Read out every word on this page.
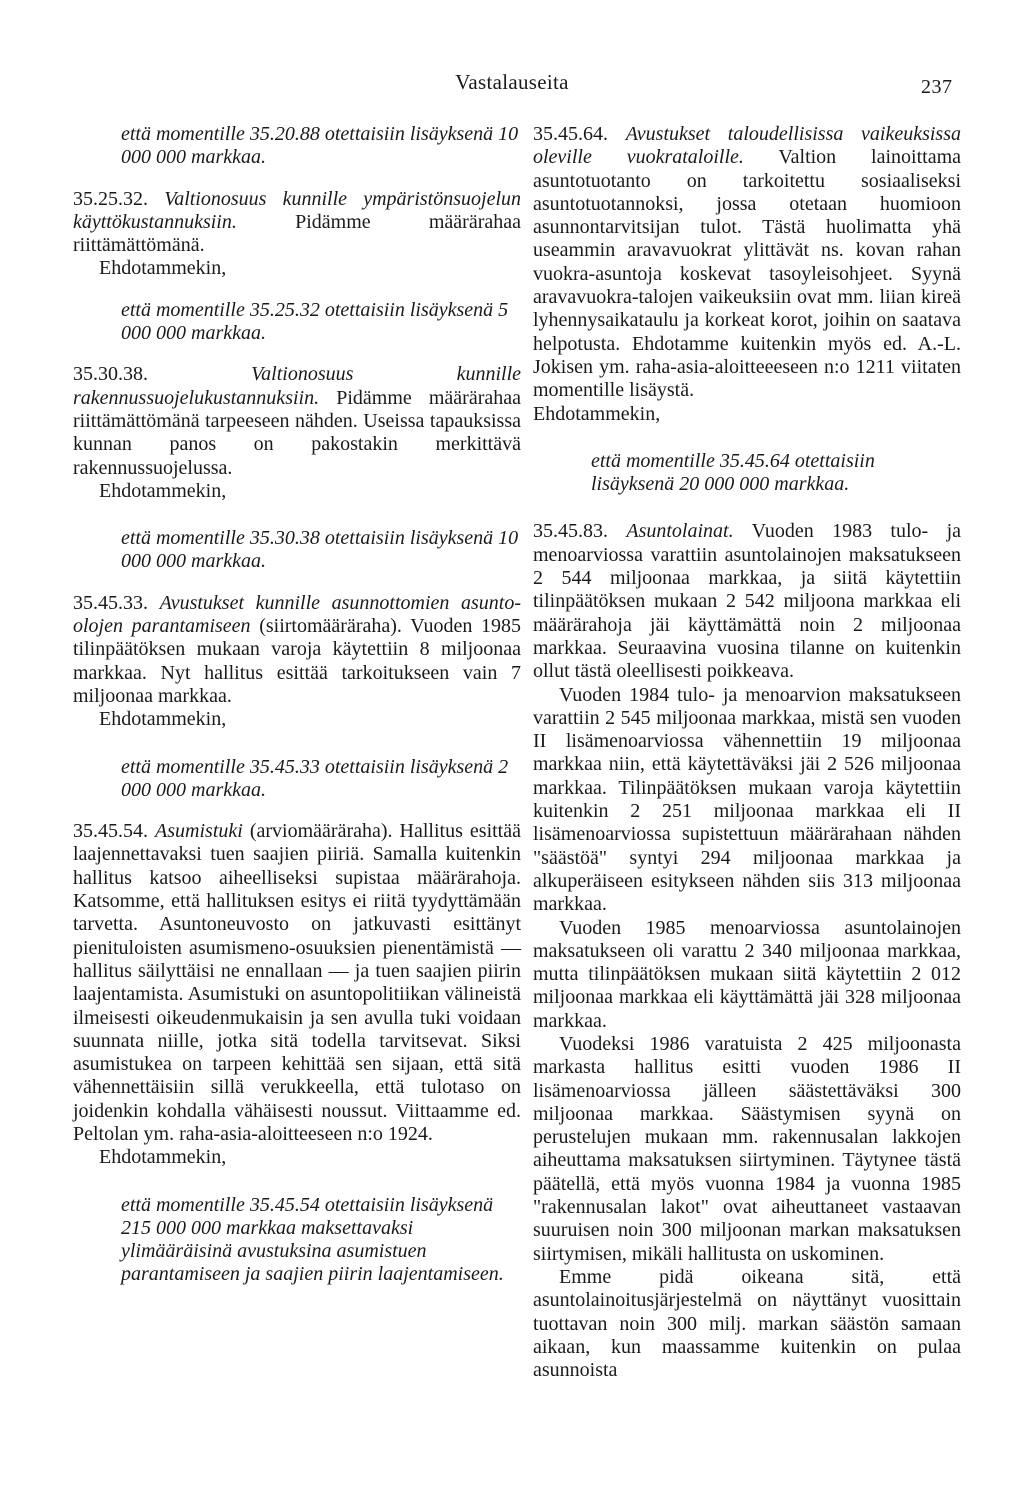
Vastalauseita	237

että momentille 35.20.88 otettaisiin lisäyksenä 10 000 000 markkaa.

35.25.32. Valtionosuus kunnille ympäristönsuojelun käyttökustannuksiin.	Pidämme määrärahaa riittämättömänä.

Ehdotammekin,

että momentille 35.25.32 otettaisiin lisäyksenä 5 000 000 markkaa.

35.30.38.	Valtionosuus kunnille rakennussuojelukustannuksiin. Pidämme määrärahaa riittämättömänä tarpeeseen nähden. Useissa tapauksissa kunnan panos on pakostakin merkittävä rakennussuojelussa.

Ehdotammekin,

että momentille 35.30.38 otettaisiin lisäyksenä 10 000 000 markkaa.

35.45.33. Avustukset kunnille asunnottomien asunto-olojen parantamiseen (siirtomääräraha). Vuoden 1985 tilinpäätöksen mukaan varoja käytettiin 8 miljoonaa markkaa. Nyt hallitus esittää tarkoitukseen vain 7 miljoonaa markkaa.

Ehdotammekin,

että momentille 35.45.33 otettaisiin lisäyksenä 2 000 000 markkaa.

35.45.54. Asumistuki (arviomääräraha). Hallitus esittää laajennettavaksi tuen saajien piiriä. Samalla kuitenkin hallitus katsoo aiheelliseksi supistaa määrärahoja. Katsomme, että hallituksen esitys ei riitä tyydyttämään tarvetta. Asuntoneuvosto on jatkuvasti esittänyt pienituloisten asumismeno-osuuksien pienentämistä — hallitus säilyttäisi ne ennallaan — ja tuen saajien piirin laajentamista. Asumistuki on asuntopolitiikan välineistä ilmeisesti oikeudenmukaisin ja sen avulla tuki voidaan suunnata niille, jotka sitä todella tarvitsevat. Siksi asumistukea on tarpeen kehittää sen sijaan, että sitä vähennettäisiin sillä verukkeella, että tulotaso on joidenkin kohdalla vähäisesti noussut. Viittaamme ed. Peltolan ym. raha-asia-aloitteeseen n:o 1924.

Ehdotammekin,

että momentille 35.45.54 otettaisiin lisäyksenä 215 000 000 markkaa maksettavaksi ylimääräisinä avustuksina asumistuen parantamiseen ja saajien piirin laajentamiseen.

35.45.64. Avustukset taloudellisissa vaikeuksissa oleville vuokrataloille. Valtion lainoittama asuntotuotanto on tarkoitettu sosiaaliseksi asuntotuotannoksi, jossa otetaan huomioon asunnontarvitsijan tulot. Tästä huolimatta yhä useammin aravavuokrat ylittävät ns. kovan rahan vuokra-asuntoja koskevat tasoyleisohjeet. Syynä aravavuokra-talojen vaikeuksiin ovat mm. liian kireä lyhennysaikataulu ja korkeat korot, joihin on saatava helpotusta. Ehdotamme kuitenkin myös ed. A.-L. Jokisen ym. raha-asia-aloitteeeseen n:o 1211 viitaten momentille lisäystä.

Ehdotammekin,

että momentille 35.45.64 otettaisiin lisäyksenä 20 000 000 markkaa.

35.45.83. Asuntolainat. Vuoden 1983 tulo- ja menoarviossa varattiin asuntolainojen maksatukseen 2 544 miljoonaa markkaa, ja siitä käytettiin tilinpäätöksen mukaan 2 542 miljoona markkaa eli määrärahoja jäi käyttämättä noin 2 miljoonaa markkaa. Seuraavina vuosina tilanne on kuitenkin ollut tästä oleellisesti poikkeava.

Vuoden 1984 tulo- ja menoarvion maksatukseen varattiin 2 545 miljoonaa markkaa, mistä sen vuoden II lisämenoarviossa vähennettiin 19 miljoonaa markkaa niin, että käytettäväksi jäi 2 526 miljoonaa markkaa. Tilinpäätöksen mukaan varoja käytettiin kuitenkin 2 251 miljoonaa markkaa eli II lisämenoarviossa supistettuun määrärahaan nähden "säästöä" syntyi 294 miljoonaa markkaa ja alkuperäiseen esitykseen nähden siis 313 miljoonaa markkaa.

Vuoden 1985 menoarviossa asuntolainojen maksatukseen oli varattu 2 340 miljoonaa markkaa, mutta tilinpäätöksen mukaan siitä käytettiin 2 012 miljoonaa markkaa eli käyttämättä jäi 328 miljoonaa markkaa.

Vuodeksi 1986 varatuista 2 425 miljoonasta markasta hallitus esitti vuoden 1986 II lisämenoarviossa jälleen säästettäväksi 300 miljoonaa markkaa. Säästymisen syynä on perustelujen mukaan mm. rakennusalan lakkojen aiheuttama maksatuksen siirtyminen. Täytynee tästä päätellä, että myös vuonna 1984 ja vuonna 1985 "rakennusalan lakot" ovat aiheuttaneet vastaavan suuruisen noin 300 miljoonan markan maksatuksen siirtymisen, mikäli hallitusta on uskominen.

Emme pidä oikeana sitä, että asuntolainoitusjärjestelmä on näyttänyt vuosittain tuottavan noin 300 milj. markan säästön samaan aikaan, kun maassamme kuitenkin on pulaa asunnoista
